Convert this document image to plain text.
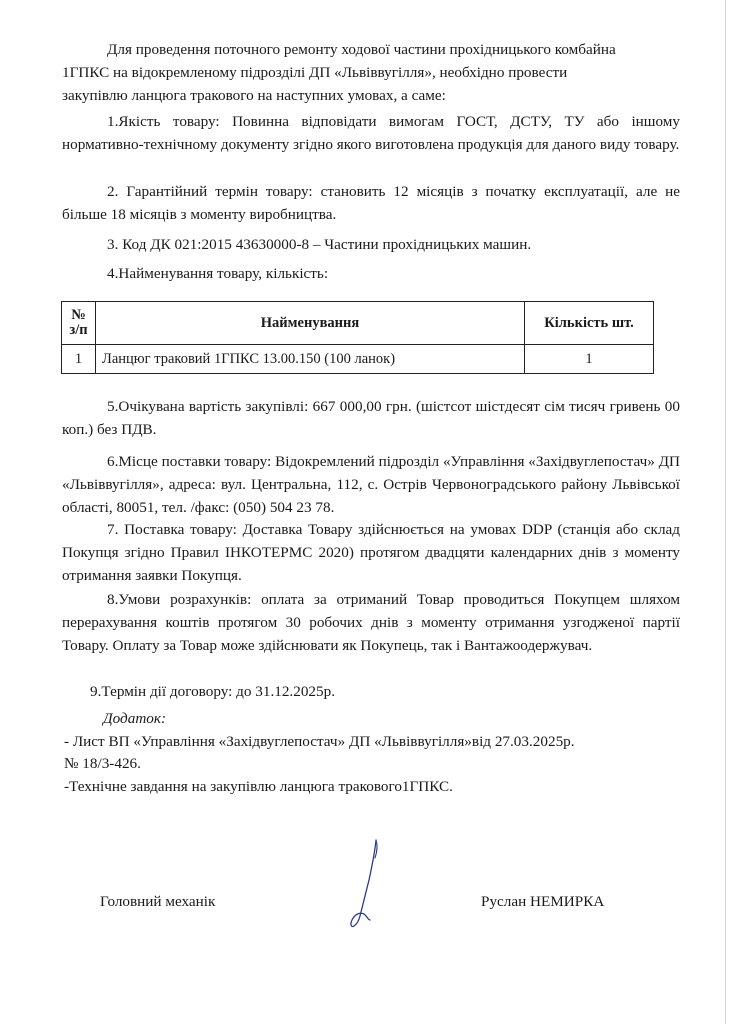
Для проведення поточного ремонту ходової частини прохідницького комбайна
1ГПКС на відокремленому підрозділі ДП «Львіввугілля», необхідно провести
закупівлю ланцюга тракового на наступних умовах, а саме:

1.Якість товару: Повинна відповідати вимогам ГОСТ, ДСТУ, ТУ або іншому нормативно-технічному документу згідно якого виготовлена продукція для даного виду товару.

2. Гарантійний термін товару: становить 12 місяців з початку експлуатації, але не більше 18 місяців з моменту виробництва.

3. Код ДК 021:2015 43630000-8 – Частини прохідницьких машин.

4.Найменування товару, кількість:

№ з/п	Найменування	Кількість шт.
1	Ланцюг траковий 1ГПКС 13.00.150 (100 ланок)	1

5.Очікувана вартість закупівлі: 667 000,00 грн. (шістсот шістдесят сім тисяч гривень 00 коп.) без ПДВ.

6.Місце поставки товару: Відокремлений підрозділ «Управління «Західвуглепостач» ДП «Львіввугілля», адреса: вул. Центральна, 112, с. Острів Червоноградського району Львівської області, 80051, тел. /факс: (050) 504 23 78.

7. Поставка товару: Доставка Товару здійснюється на умовах DDP (станція або склад Покупця згідно Правил ІНКОТЕРМС 2020) протягом двадцяти календарних днів з моменту отримання заявки Покупця.

8.Умови розрахунків: оплата за отриманий Товар проводиться Покупцем шляхом перерахування коштів протягом 30 робочих днів з моменту отримання узгодженої партії Товару. Оплату за Товар може здійснювати як Покупець, так і Вантажоодержувач.

9.Термін дії договору: до 31.12.2025р.

Додаток:
- Лист ВП «Управління «Західвуглепостач» ДП «Львіввугілля»від 27.03.2025р.
№ 18/3-426.
-Технічне завдання на закупівлю ланцюга тракового1ГПКС.
Головний механік	Руслан НЕМИРКА
